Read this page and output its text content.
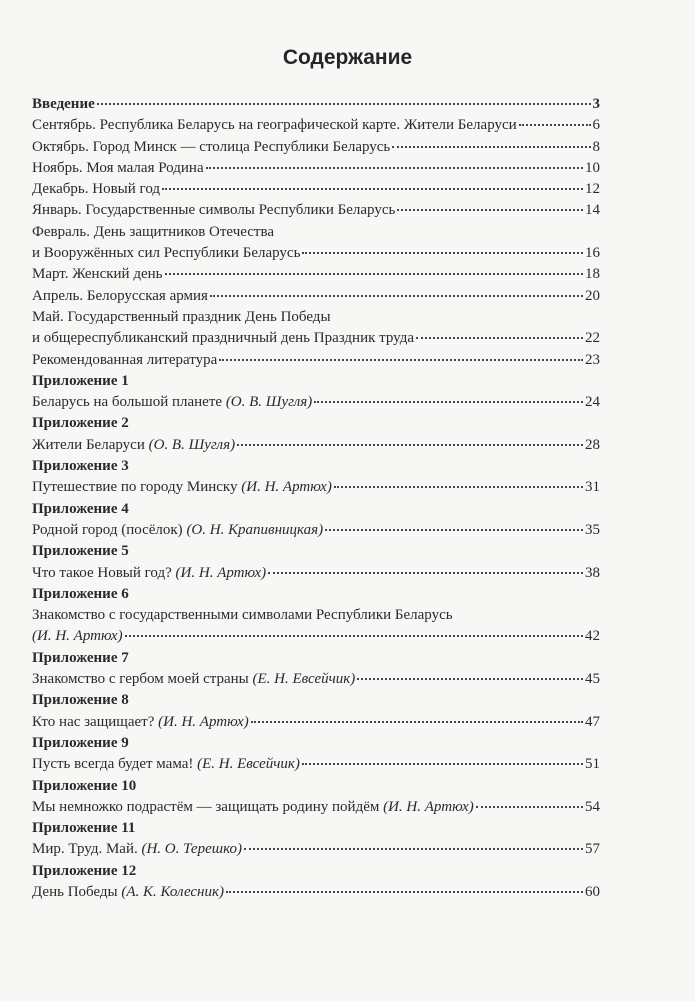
Содержание
Введение	3
Сентябрь. Республика Беларусь на географической карте. Жители Беларуси	6
Октябрь. Город Минск — столица Республики Беларусь	8
Ноябрь. Моя малая Родина	10
Декабрь. Новый год	12
Январь. Государственные символы Республики Беларусь	14
Февраль. День защитников Отечества
и Вооружённых сил Республики Беларусь	16
Март. Женский день	18
Апрель. Белорусская армия	20
Май. Государственный праздник День Победы
и общереспубликанский праздничный день Праздник труда	22
Рекомендованная литература	23
Приложение 1
Беларусь на большой планете (О. В. Шугля)	24
Приложение 2
Жители Беларуси (О. В. Шугля)	28
Приложение 3
Путешествие по городу Минску (И. Н. Артюх)	31
Приложение 4
Родной город (посёлок) (О. Н. Крапивницкая)	35
Приложение 5
Что такое Новый год? (И. Н. Артюх)	38
Приложение 6
Знакомство с государственными символами Республики Беларусь
(И. Н. Артюх)	42
Приложение 7
Знакомство с гербом моей страны (Е. Н. Евсейчик)	45
Приложение 8
Кто нас защищает? (И. Н. Артюх)	47
Приложение 9
Пусть всегда будет мама! (Е. Н. Евсейчик)	51
Приложение 10
Мы немножко подрастём — защищать родину пойдём (И. Н. Артюх)	54
Приложение 11
Мир. Труд. Май. (Н. О. Терешко)	57
Приложение 12
День Победы (А. К. Колесник)	60
